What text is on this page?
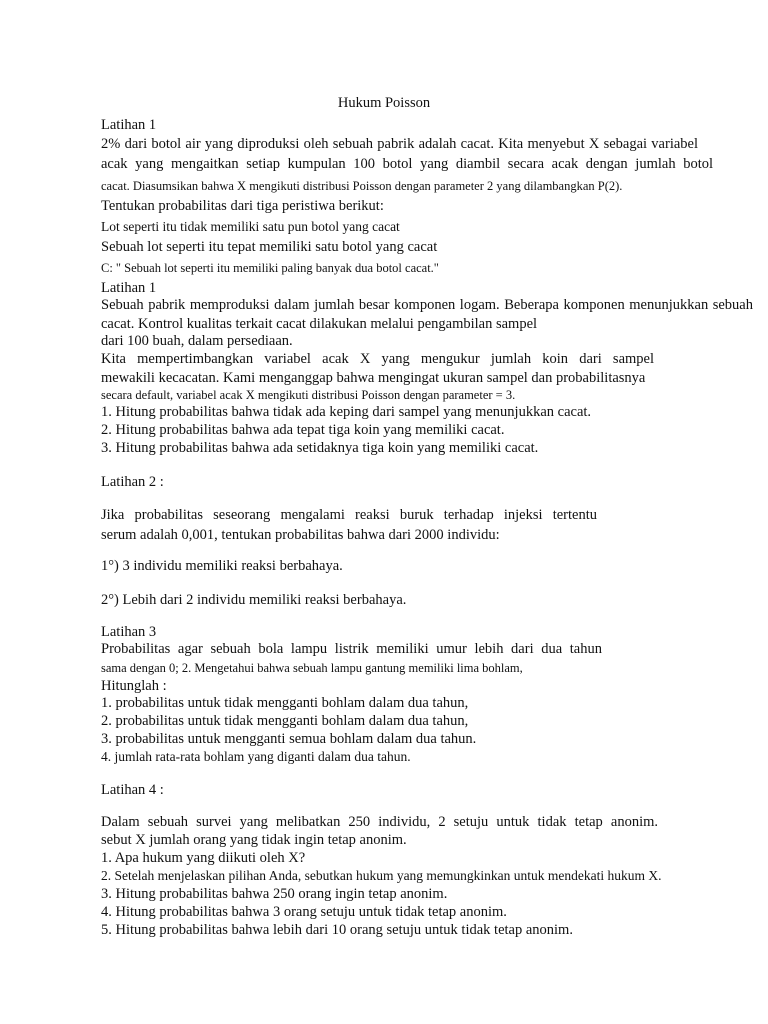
Hukum Poisson
Latihan 1
2% dari botol air yang diproduksi oleh sebuah pabrik adalah cacat. Kita menyebut X sebagai variabel
acak yang mengaitkan setiap kumpulan 100 botol yang diambil secara acak dengan jumlah botol
cacat. Diasumsikan bahwa X mengikuti distribusi Poisson dengan parameter 2 yang dilambangkan P(2).
Tentukan probabilitas dari tiga peristiwa berikut:
Lot seperti itu tidak memiliki satu pun botol yang cacat
Sebuah lot seperti itu tepat memiliki satu botol yang cacat
C: " Sebuah lot seperti itu memiliki paling banyak dua botol cacat."
Latihan 1
Sebuah pabrik memproduksi dalam jumlah besar komponen logam. Beberapa komponen menunjukkan sebuah
cacat. Kontrol kualitas terkait cacat dilakukan melalui pengambilan sampel
dari 100 buah, dalam persediaan.
Kita mempertimbangkan variabel acak X yang mengukur jumlah koin dari sampel
mewakili kecacatan. Kami menganggap bahwa mengingat ukuran sampel dan probabilitasnya
secara default, variabel acak X mengikuti distribusi Poisson dengan parameter = 3.
1. Hitung probabilitas bahwa tidak ada keping dari sampel yang menunjukkan cacat.
2. Hitung probabilitas bahwa ada tepat tiga koin yang memiliki cacat.
3. Hitung probabilitas bahwa ada setidaknya tiga koin yang memiliki cacat.
Latihan 2 :
Jika probabilitas seseorang mengalami reaksi buruk terhadap injeksi tertentu
serum adalah 0,001, tentukan probabilitas bahwa dari 2000 individu:
1°) 3 individu memiliki reaksi berbahaya.
2°) Lebih dari 2 individu memiliki reaksi berbahaya.
Latihan 3
Probabilitas agar sebuah bola lampu listrik memiliki umur lebih dari dua tahun
sama dengan 0; 2. Mengetahui bahwa sebuah lampu gantung memiliki lima bohlam,
Hitunglah :
1. probabilitas untuk tidak mengganti bohlam dalam dua tahun,
2. probabilitas untuk tidak mengganti bohlam dalam dua tahun,
3. probabilitas untuk mengganti semua bohlam dalam dua tahun.
4. jumlah rata-rata bohlam yang diganti dalam dua tahun.
Latihan 4 :
Dalam sebuah survei yang melibatkan 250 individu, 2 setuju untuk tidak tetap anonim.
sebut X jumlah orang yang tidak ingin tetap anonim.
1. Apa hukum yang diikuti oleh X?
2. Setelah menjelaskan pilihan Anda, sebutkan hukum yang memungkinkan untuk mendekati hukum X.
3. Hitung probabilitas bahwa 250 orang ingin tetap anonim.
4. Hitung probabilitas bahwa 3 orang setuju untuk tidak tetap anonim.
5. Hitung probabilitas bahwa lebih dari 10 orang setuju untuk tidak tetap anonim.
